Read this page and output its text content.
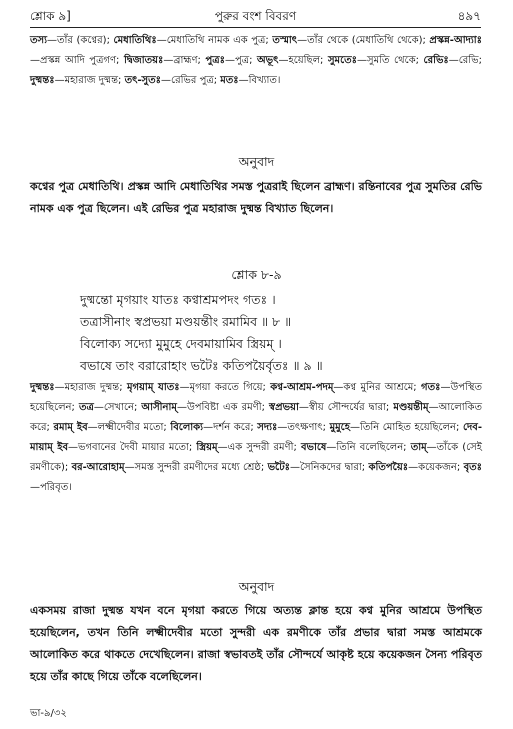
শ্লোক ৯]	পুরুর বংশ বিবরণ	৪৯৭
তস্য—তাঁর (কণ্বের); মেধাতিথিঃ—মেধাতিথি নামক এক পুত্র; তস্মাৎ—তাঁর থেকে (মেধাতিথি থেকে); প্রস্কন্ন-আদ্যাঃ—প্রস্কন্ন আদি পুত্রগণ; দ্বিজাতয়ঃ—ব্রাহ্মণ; পুত্রঃ—পুত্র; অভূৎ—হয়েছিল; সুমতেঃ—সুমতি থেকে; রেভিঃ—রেভি; দুষ্মন্তঃ—মহারাজ দুষ্মন্ত; তৎ-সুতঃ—রেভির পুত্র; মতঃ—বিখ্যাত।
অনুবাদ
কণ্বের পুত্র মেধাতিথি। প্রস্কন্ন আদি মেধাতিথির সমস্ত পুত্ররাই ছিলেন ব্রাহ্মণ। রন্তিনাবের পুত্র সুমতির রেভি নামক এক পুত্র ছিলেন। এই রেভির পুত্র মহারাজ দুষ্মন্ত বিখ্যাত ছিলেন।
শ্লোক ৮-৯
দুষ্মন্তো মৃগয়াং যাতঃ কণ্বাশ্রমপদং গতঃ ।
তত্রাসীনাং স্বপ্রভয়া মণ্ডয়ন্তীং রমামিব ॥ ৮ ॥
বিলোক্য সদ্যো মুমুহে দেবমায়ামিব স্ত্রিয়ম্ ।
বভাষে তাং বরারোহাং ভটৈঃ কতিপয়ৈর্বৃতঃ ॥ ৯ ॥
দুষ্মন্তঃ—মহারাজ দুষ্মন্ত; মৃগয়াম্ যাতঃ—মৃগয়া করতে গিয়ে; কণ্ব-আশ্রম-পদম্—কণ্ব মুনির আশ্রমে; গতঃ—উপস্থিত হয়েছিলেন; তত্র—সেখানে; আসীনাম্—উপবিষ্টা এক রমণী; স্বপ্রভয়া—স্বীয় সৌন্দর্যের দ্বারা; মণ্ডয়ন্তীম্—আলোকিত করে; রমাম্ ইব—লক্ষ্মীদেবীর মতো; বিলোক্য—দর্শন করে; সদ্যঃ—তৎক্ষণাৎ; মুমুহে—তিনি মোহিত হয়েছিলেন; দেব-মায়াম্ ইব—ভগবানের দৈবী মায়ার মতো; স্ত্রিয়ম্—এক সুন্দরী রমণী; বভাষে—তিনি বলেছিলেন; তাম্—তাঁকে (সেই রমণীকে); বর-আরোহাম্—সমস্ত সুন্দরী রমণীদের মধ্যে শ্রেষ্ঠ; ভটৈঃ—সৈনিকদের দ্বারা; কতিপয়ৈঃ—কয়েকজন; বৃতঃ—পরিবৃত।
অনুবাদ
একসময় রাজা দুষ্মন্ত যখন বনে মৃগয়া করতে গিয়ে অত্যন্ত ক্লান্ত হয়ে কণ্ব মুনির আশ্রমে উপস্থিত হয়েছিলেন, তখন তিনি লক্ষ্মীদেবীর মতো সুন্দরী এক রমণীকে তাঁর প্রভার দ্বারা সমস্ত আশ্রমকে আলোকিত করে থাকতে দেখেছিলেন। রাজা স্বভাবতই তাঁর সৌন্দর্যে আকৃষ্ট হয়ে কয়েকজন সৈন্য পরিবৃত হয়ে তাঁর কাছে গিয়ে তাঁকে বলেছিলেন।
ভা-৯/৩২
